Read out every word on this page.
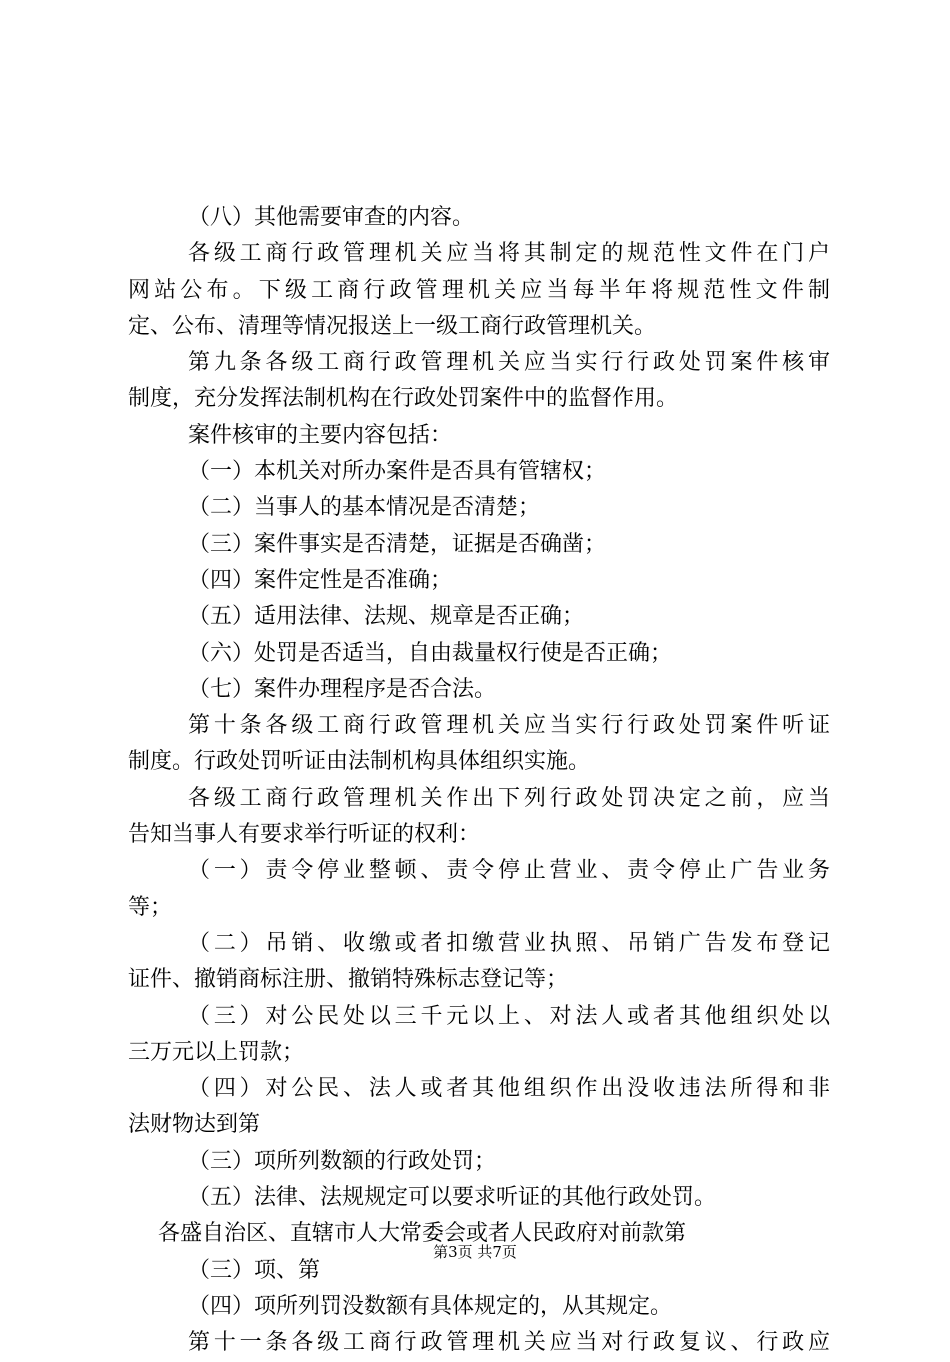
（八）其他需要审查的内容。
各级工商行政管理机关应当将其制定的规范性文件在门户
网站公布。下级工商行政管理机关应当每半年将规范性文件制
定、公布、清理等情况报送上一级工商行政管理机关。
第九条各级工商行政管理机关应当实行行政处罚案件核审
制度，充分发挥法制机构在行政处罚案件中的监督作用。
案件核审的主要内容包括：
（一）本机关对所办案件是否具有管辖权；
（二）当事人的基本情况是否清楚；
（三）案件事实是否清楚，证据是否确凿；
（四）案件定性是否准确；
（五）适用法律、法规、规章是否正确；
（六）处罚是否适当，自由裁量权行使是否正确；
（七）案件办理程序是否合法。
第十条各级工商行政管理机关应当实行行政处罚案件听证
制度。行政处罚听证由法制机构具体组织实施。
各级工商行政管理机关作出下列行政处罚决定之前，应当
告知当事人有要求举行听证的权利：
（一）责令停业整顿、责令停止营业、责令停止广告业务
等；
（二）吊销、收缴或者扣缴营业执照、吊销广告发布登记
证件、撤销商标注册、撤销特殊标志登记等；
（三）对公民处以三千元以上、对法人或者其他组织处以
三万元以上罚款；
（四）对公民、法人或者其他组织作出没收违法所得和非
法财物达到第
（三）项所列数额的行政处罚；
（五）法律、法规规定可以要求听证的其他行政处罚。
各盛自治区、直辖市人大常委会或者人民政府对前款第
（三）项、第
（四）项所列罚没数额有具体规定的，从其规定。
第十一条各级工商行政管理机关应当对行政复议、行政应
第3页 共7页
